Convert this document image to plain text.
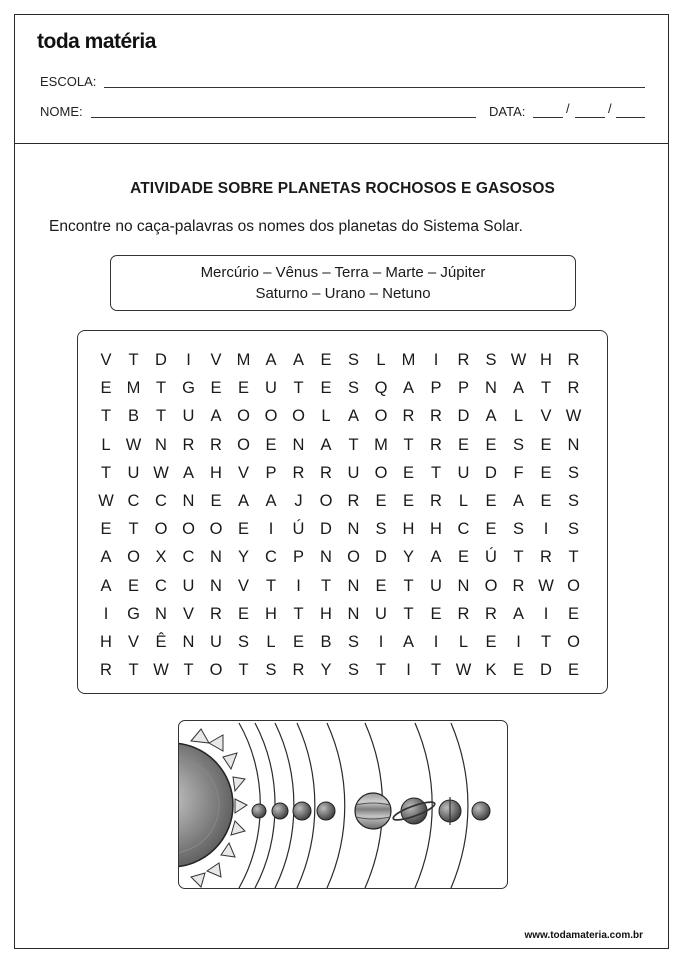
toda matéria
ESCOLA:
NOME:	DATA:	/	/
ATIVIDADE SOBRE PLANETAS ROCHOSOS E GASOSOS
Encontre no caça-palavras os nomes dos planetas do Sistema Solar.
Mercúrio – Vênus – Terra – Marte – Júpiter
Saturno – Urano – Netuno
V	T D	I	V M A A E S	L M	I	R S W H R
E M T G E E U	T	E S Q A P P N A	T R
T	B	T U A O O O L	A O R R D A	L	V W
L W N R R O E N A	T M T R E E S E N
T U W A H V P R R U O E	T U D	F	E S
W C C N E A A	J	O R E E R	L	E A E S
E	T O O O E	I	Ú D N S H H C E S	I	S
A O X C N Y C P N O D Y A E Ú	T R	T
A E C U N V	T	I	T N E	T U N O R W O
I	G N V R E H	T H N U	T	E R R A	I	E
H V Ê N U S	L	E B S	I	A	I	L	E	I	T O
R	T W T O T	S R Y S	T	I	T W K E D E
www.todamateria.com.br
